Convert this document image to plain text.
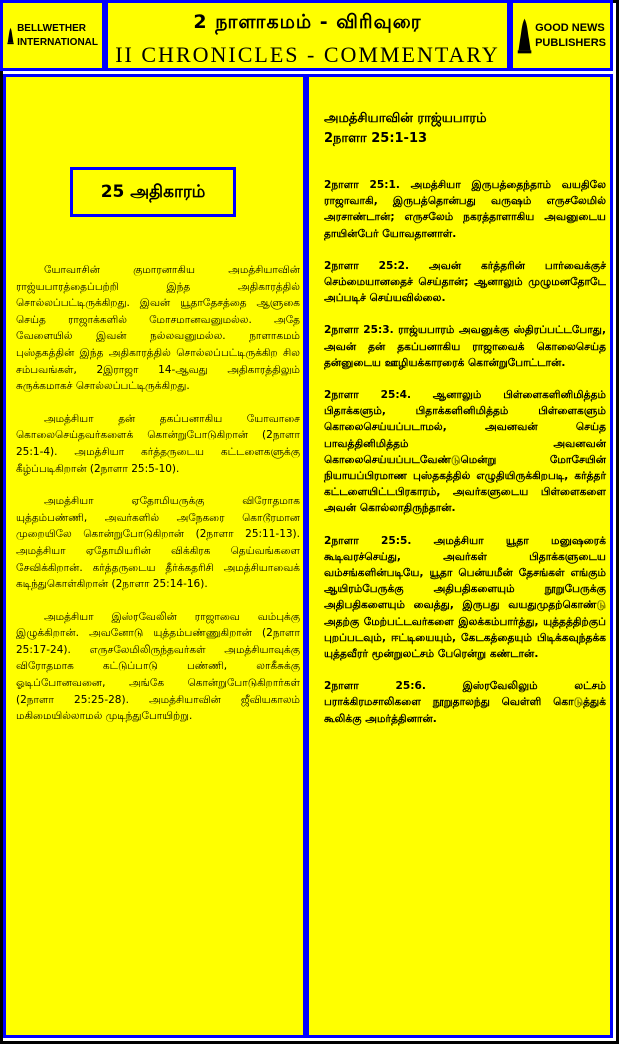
BELLWETHER
INTERNATIONAL
2 நாளாகமம் - விரிவுரை
II CHRONICLES - COMMENTARY
GOOD NEWS
PUBLISHERS
25 அதிகாரம்

யோவாசின் குமாரனாகிய அமத்சியாவின் ராஜ்யபாரத்தைப்பற்றி இந்த அதிகாரத்தில் சொல்லப்பட்டிருக்கிறது. இவன் யூதாதேசத்தை ஆளுகை செய்த ராஜாக்களில் மோசமானவனுமல்ல. அதே வேளையில் இவன் நல்லவனுமல்ல. நாளாகமம் புஸ்தகத்தின் இந்த அதிகாரத்தில் சொல்லப்பட்டிருக்கிற சில சம்பவங்கள், 2இராஜா 14-ஆவது அதிகாரத்திலும் சுருக்கமாகச் சொல்லப்பட்டிருக்கிறது.

அமத்சியா தன் தகப்பனாகிய யோவாசை கொலைசெய்தவர்களைக் கொன்றுபோடுகிறான் (2நாளா 25:1-4). அமத்சியா கர்த்தருடைய கட்டளைகளுக்கு கீழ்ப்படிகிறான் (2நாளா 25:5-10).

அமத்சியா ஏதோமியருக்கு விரோதமாக யுத்தம்பண்ணி, அவர்களில் அநேகரை கொடூரமான முறையிலே கொன்றுபோடுகிறான் (2நாளா 25:11-13). அமத்சியா ஏதோமியரின் விக்கிரக தெய்வங்களை சேவிக்கிறான். கர்த்தருடைய தீர்க்கதரிசி அமத்சியாவைக் கடிந்துகொள்கிறான் (2நாளா 25:14-16).

அமத்சியா இஸ்ரவேலின் ராஜாவை வம்புக்கு இழுக்கிறான். அவனோடு யுத்தம்பண்ணுகிறான் (2நாளா 25:17-24). எருசலேமிலிருந்தவர்கள் அமத்சியாவுக்கு விரோதமாக கட்டுப்பாடு பண்ணி, லாகீசுக்கு ஓடிப்போனவனை, அங்கே கொன்றுபோடுகிறார்கள் (2நாளா 25:25-28). அமத்சியாவின் ஜீவியகாலம் மகிமையில்லாமல் முடிந்துபோயிற்று.

அமத்சியாவின் ராஜ்யபாரம்
2நாளா 25:1-13

2நாளா 25:1. அமத்சியா இருபத்தைந்தாம் வயதிலே ராஜாவாகி, இருபத்தொன்பது வருஷம் எருசலேமில் அரசாண்டான்; எருசலேம் நகரத்தாளாகிய அவனுடைய தாயின்பேர் யோவதானாள்.

2நாளா 25:2. அவன் கர்த்தரின் பார்வைக்குச் செம்மையானதைச் செய்தான்; ஆனாலும் முழுமனதோடே அப்படிச் செய்யவில்லை.

2நாளா 25:3. ராஜ்யபாரம் அவனுக்கு ஸ்திரப்பட்டபோது, அவன் தன் தகப்பனாகிய ராஜாவைக் கொலைசெய்த தன்னுடைய ஊழியக்காரரைக் கொன்றுபோட்டான்.

2நாளா 25:4. ஆனாலும் பிள்ளைகளினிமித்தம் பிதாக்களும், பிதாக்களினிமித்தம் பிள்ளைகளும் கொலைசெய்யப்படாமல், அவனவன் செய்த பாவத்தினிமித்தம் அவனவன் கொலைசெய்யப்படவேண்டுமென்று மோசேயின் நியாயப்பிரமாண புஸ்தகத்தில் எழுதியிருக்கிறபடி, கர்த்தர் கட்டளையிட்டபிரகாரம், அவர்களுடைய பிள்ளைகளை அவன் கொல்லாதிருந்தான்.

2நாளா 25:5. அமத்சியா யூதா மனுஷரைக் கூடிவரச்செய்து, அவர்கள் பிதாக்களுடைய வம்சங்களின்படியே, யூதா பென்யமீன் தேசங்கள் எங்கும் ஆயிரம்பேருக்கு அதிபதிகளையும் நூறுபேருக்கு அதிபதிகளையும் வைத்து, இருபது வயதுமுதற்கொண்டு அதற்கு மேற்பட்டவர்களை இலக்கம்பார்த்து, யுத்தத்திற்குப் புறப்படவும், ஈட்டியையும், கேடகத்தையும் பிடிக்கவுந்தக்க யுத்தவீரர் மூன்றுலட்சம் பேரென்று கண்டான்.

2நாளா 25:6. இஸ்ரவேலிலும் லட்சம் பராக்கிரமசாலிகளை நூறுதாலந்து வெள்ளி கொடுத்துக் கூலிக்கு அமர்த்தினான்.
